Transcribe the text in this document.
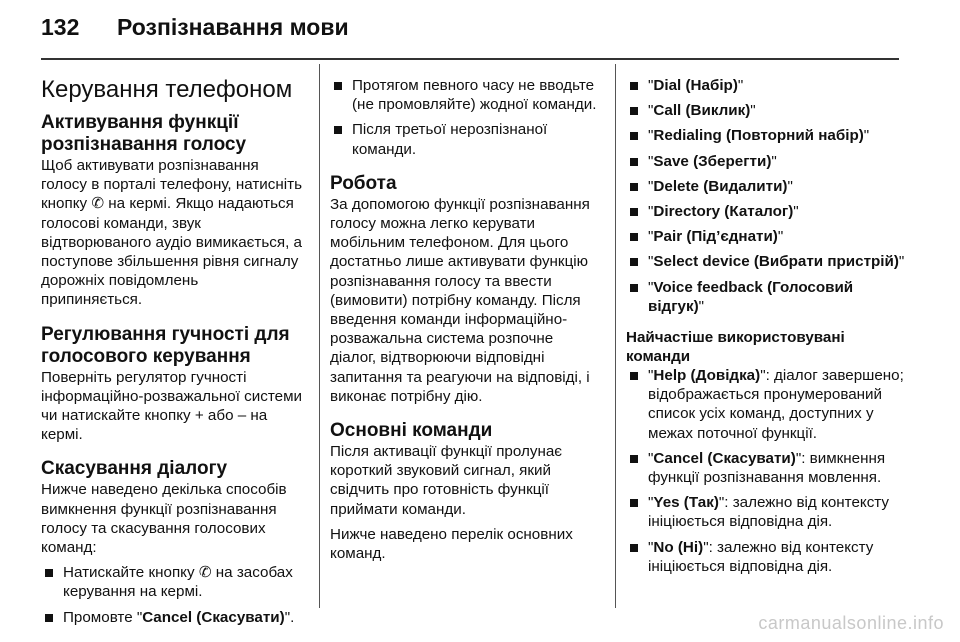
132	Розпізнавання мови
Керування телефоном
Активування функції
розпізнавання голосу

Щоб активувати розпізнавання голосу в порталі телефону, натисніть кнопку ✆ на кермі. Якщо надаються голосові команди, звук відтворюваного аудіо вимикається, а поступове збільшення рівня сигналу дорожніх повідомлень припиняється.

Регулювання гучності для
голосового керування

Поверніть регулятор гучності інформаційно-розважальної системи чи натискайте кнопку + або – на кермі.

Скасування діалогу

Нижче наведено декілька способів вимкнення функції розпізнавання голосу та скасування голосових команд:

Натискайте кнопку ✆ на засобах керування на кермі.
Промовте "Cancel (Скасувати)".
Протягом певного часу не вводьте (не промовляйте) жодної команди.
Після третьої нерозпізнаної команди.
Робота

За допомогою функції розпізнавання голосу можна легко керувати мобільним телефоном. Для цього достатньо лише активувати функцію розпізнавання голосу та ввести (вимовити) потрібну команду. Після введення команди інформаційно-розважальна система розпочне діалог, відтворюючи відповідні запитання та реагуючи на відповіді, і виконає потрібну дію.

Основні команди

Після активації функції пролунає короткий звуковий сигнал, який свідчить про готовність функції приймати команди.

Нижче наведено перелік основних команд.

"Dial (Набір)"
"Call (Виклик)"
"Redialing (Повторний набір)"
"Save (Зберегти)"
"Delete (Видалити)"
"Directory (Каталог)"
"Pair (Під’єднати)"
"Select device (Вибрати пристрій)"
"Voice feedback (Голосовий відгук)"
Найчастіше використовувані команди
"Help (Довідка)": діалог завершено; відображається пронумерований список усіх команд, доступних у межах поточної функції.
"Cancel (Скасувати)": вимкнення функції розпізнавання мовлення.
"Yes (Так)": залежно від контексту ініціюється відповідна дія.
"No (Ні)": залежно від контексту ініціюється відповідна дія.
carmanualsonline.info
